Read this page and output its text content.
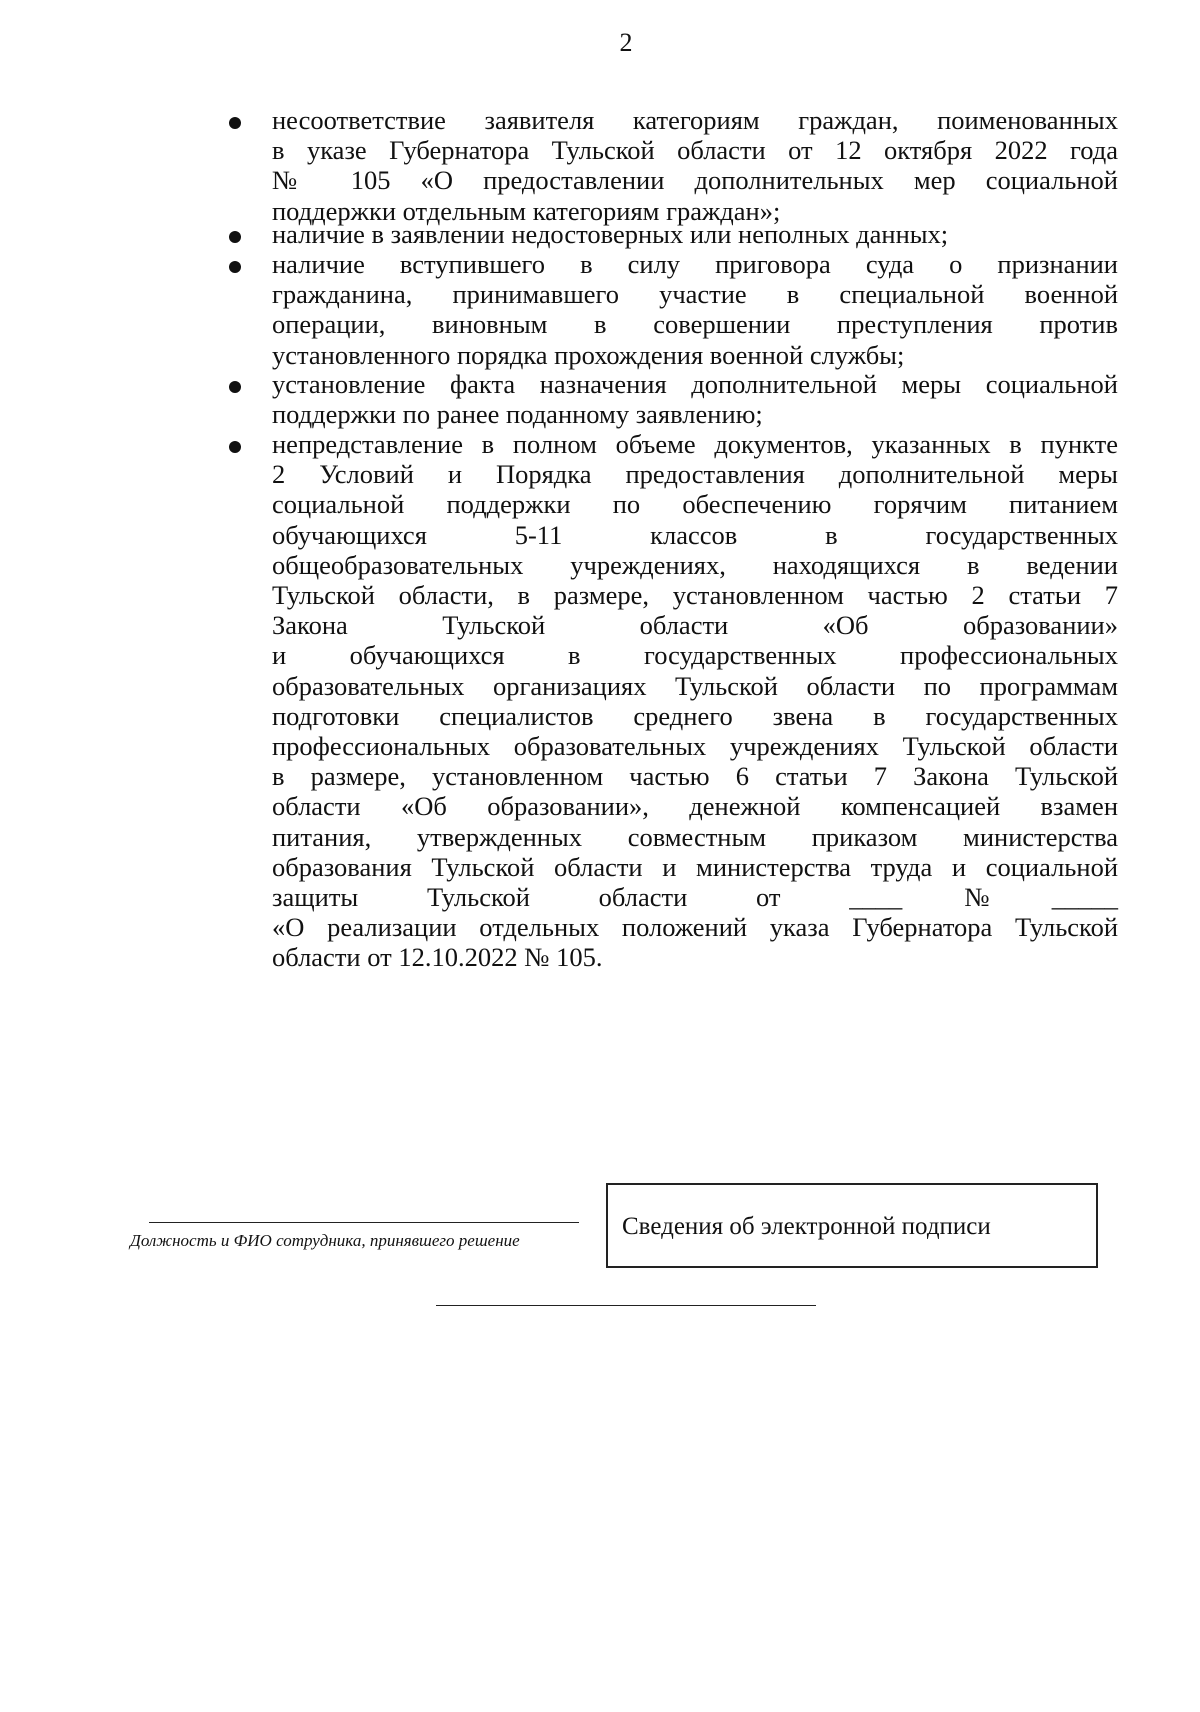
2
несоответствие заявителя категориям граждан, поименованных
в указе Губернатора Тульской области от 12 октября 2022 года
№ 105 «О предоставлении дополнительных мер социальной
поддержки отдельным категориям граждан»;
наличие в заявлении недостоверных или неполных данных;
наличие вступившего в силу приговора суда о признании
гражданина, принимавшего участие в специальной военной
операции, виновным в совершении преступления против
установленного порядка прохождения военной службы;
установление факта назначения дополнительной меры социальной
поддержки по ранее поданному заявлению;
непредставление в полном объеме документов, указанных в пункте
2 Условий и Порядка предоставления дополнительной меры
социальной поддержки по обеспечению горячим питанием
обучающихся 5-11 классов в государственных
общеобразовательных учреждениях, находящихся в ведении
Тульской области, в размере, установленном частью 2 статьи 7
Закона Тульской области «Об образовании»
и обучающихся в государственных профессиональных
образовательных организациях Тульской области по программам
подготовки специалистов среднего звена в государственных
профессиональных образовательных учреждениях Тульской области
в размере, установленном частью 6 статьи 7 Закона Тульской
области «Об образовании», денежной компенсацией взамен
питания, утвержденных совместным приказом министерства
образования Тульской области и министерства труда и социальной
защиты Тульской области от ____№_____
«О реализации отдельных положений указа Губернатора Тульской
области от 12.10.2022 № 105.
Должность и ФИО сотрудника, принявшего решение
Сведения об электронной подписи
